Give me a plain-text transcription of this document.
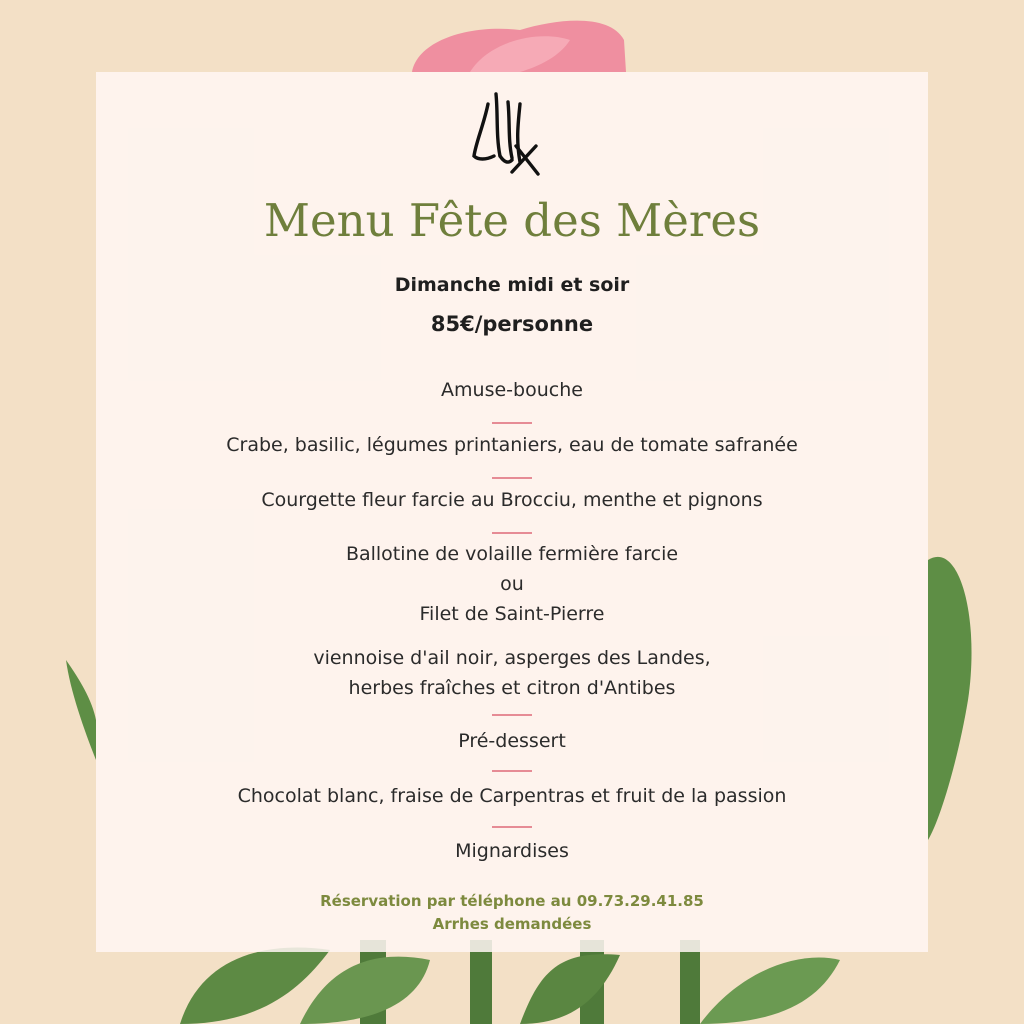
Menu Fête des Mères
Dimanche midi et soir
85€/personne
Amuse-bouche
Crabe, basilic, légumes printaniers, eau de tomate safranée
Courgette fleur farcie au Brocciu, menthe et pignons
Ballotine de volaille fermière farcie
ou
Filet de Saint-Pierre
viennoise d'ail noir, asperges des Landes,
herbes fraîches et citron d'Antibes
Pré-dessert
Chocolat blanc, fraise de Carpentras et fruit de la passion
Mignardises
Réservation par téléphone au 09.73.29.41.85
Arrhes demandées
